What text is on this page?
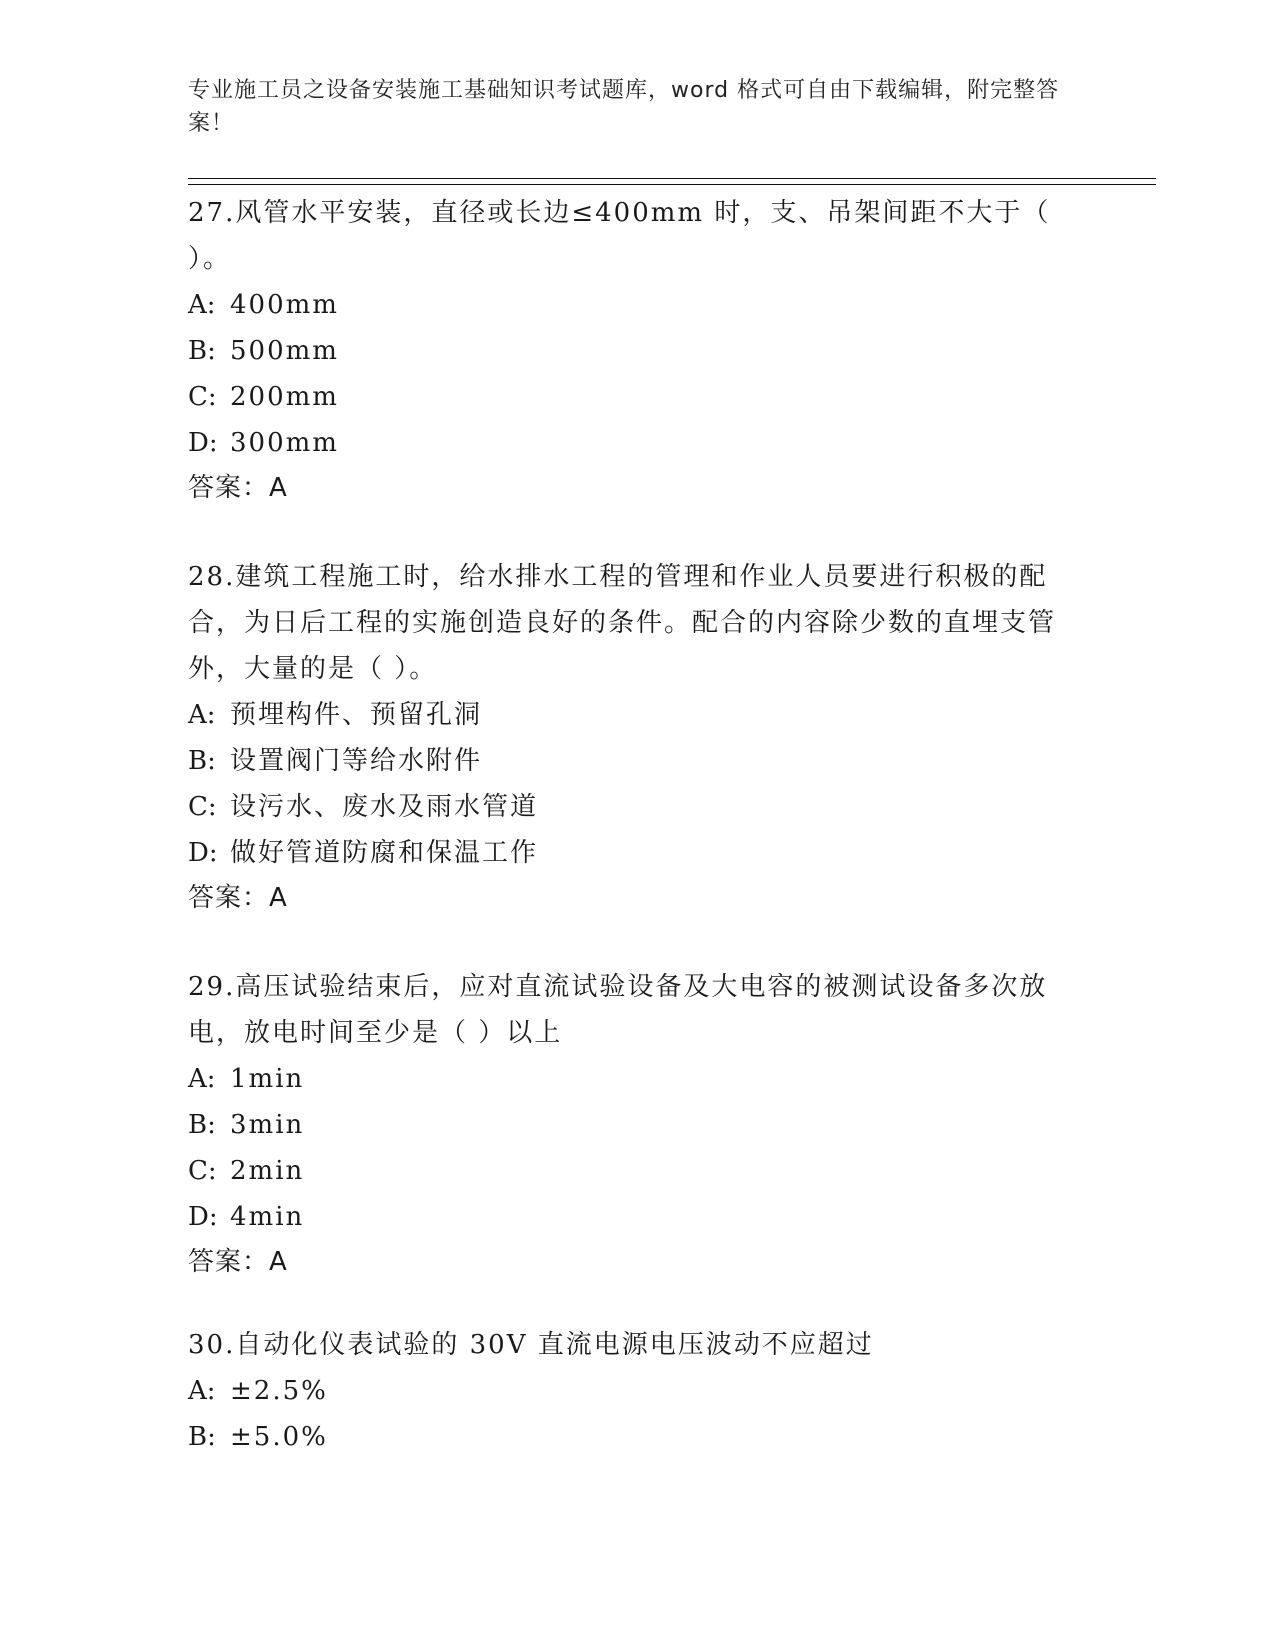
专业施工员之设备安装施工基础知识考试题库，word 格式可自由下载编辑，附完整答案！

27.风管水平安装，直径或长边≤400mm 时，支、吊架间距不大于（ ）。

A: 400mm

B: 500mm

C: 200mm

D: 300mm

答案：A

28.建筑工程施工时，给水排水工程的管理和作业人员要进行积极的配合，为日后工程的实施创造良好的条件。配合的内容除少数的直埋支管外，大量的是（ ）。

A: 预埋构件、预留孔洞

B: 设置阀门等给水附件

C: 设污水、废水及雨水管道

D: 做好管道防腐和保温工作

答案：A

29.高压试验结束后，应对直流试验设备及大电容的被测试设备多次放电，放电时间至少是（ ）以上

A: 1min

B: 3min

C: 2min

D: 4min

答案：A

30.自动化仪表试验的 30V 直流电源电压波动不应超过

A: ±2.5%

B: ±5.0%
